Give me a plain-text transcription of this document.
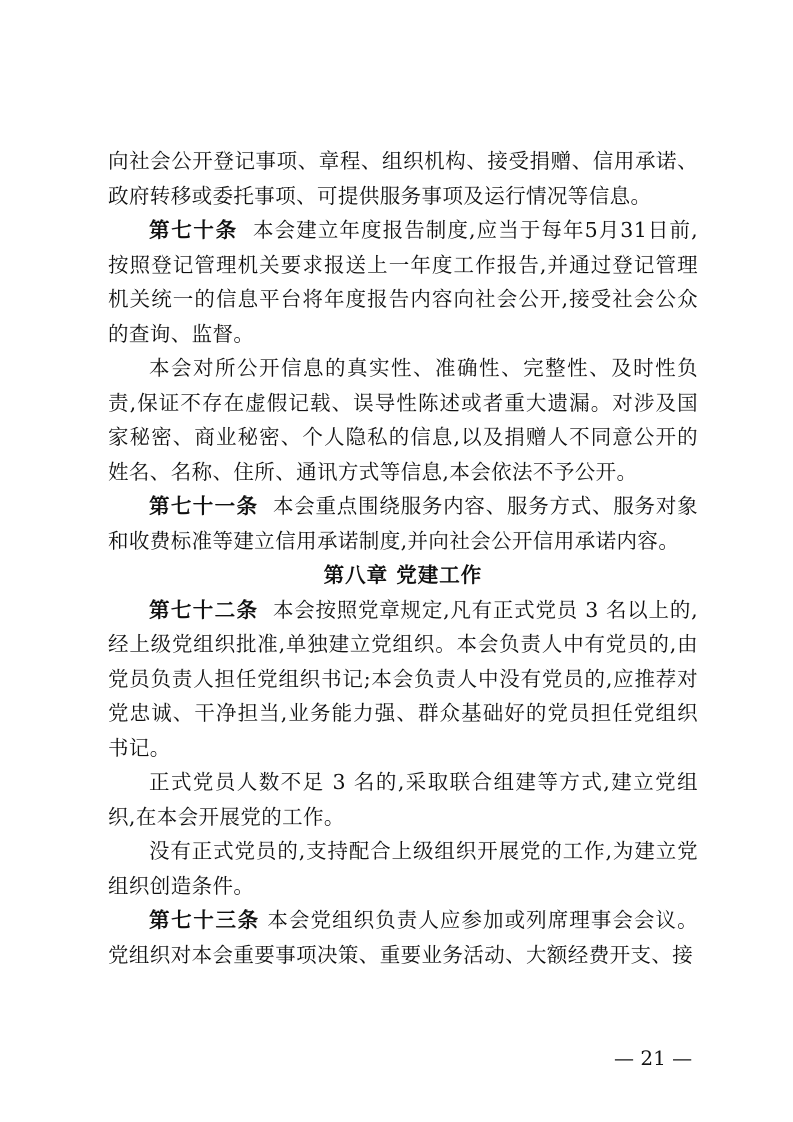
向社会公开登记事项、章程、组织机构、接受捐赠、信用承诺、政府转移或委托事项、可提供服务事项及运行情况等信息。

第七十条 本会建立年度报告制度,应当于每年5月31日前,按照登记管理机关要求报送上一年度工作报告,并通过登记管理机关统一的信息平台将年度报告内容向社会公开,接受社会公众的查询、监督。

本会对所公开信息的真实性、准确性、完整性、及时性负责,保证不存在虚假记载、误导性陈述或者重大遗漏。对涉及国家秘密、商业秘密、个人隐私的信息,以及捐赠人不同意公开的姓名、名称、住所、通讯方式等信息,本会依法不予公开。

第七十一条 本会重点围绕服务内容、服务方式、服务对象和收费标准等建立信用承诺制度,并向社会公开信用承诺内容。

第八章 党建工作

第七十二条 本会按照党章规定,凡有正式党员 3 名以上的,经上级党组织批准,单独建立党组织。本会负责人中有党员的,由党员负责人担任党组织书记;本会负责人中没有党员的,应推荐对党忠诚、干净担当,业务能力强、群众基础好的党员担任党组织书记。

正式党员人数不足 3 名的,采取联合组建等方式,建立党组织,在本会开展党的工作。

没有正式党员的,支持配合上级组织开展党的工作,为建立党组织创造条件。

第七十三条 本会党组织负责人应参加或列席理事会会议。党组织对本会重要事项决策、重要业务活动、大额经费开支、接

— 21 —
